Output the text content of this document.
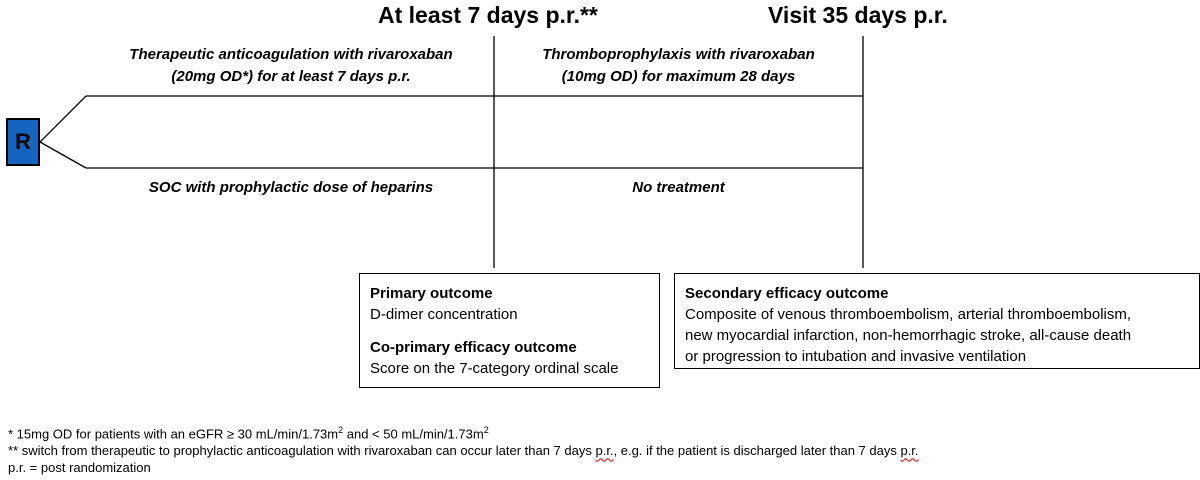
At least 7 days p.r.**	Visit 35 days p.r.
R
Therapeutic anticoagulation with rivaroxaban
(20mg OD*) for at least 7 days p.r.
Thromboprophylaxis with rivaroxaban
(10mg OD) for maximum 28 days
SOC with prophylactic dose of heparins	No treatment
Primary outcome
D-dimer concentration
Co-primary efficacy outcome
Score on the 7-category ordinal scale
Secondary efficacy outcome
Composite of venous thromboembolism, arterial thromboembolism,
new myocardial infarction, non-hemorrhagic stroke, all-cause death
or progression to intubation and invasive ventilation
* 15mg OD for patients with an eGFR ≥ 30 $mL/\min/1.73m^2$ and < 50 $mL/\min/1.73m^2$
** switch from therapeutic to prophylactic anticoagulation with rivaroxaban can occur later than 7 days p.r., e.g. if the patient is discharged later than 7 days p.r.
p.r. = post randomization
